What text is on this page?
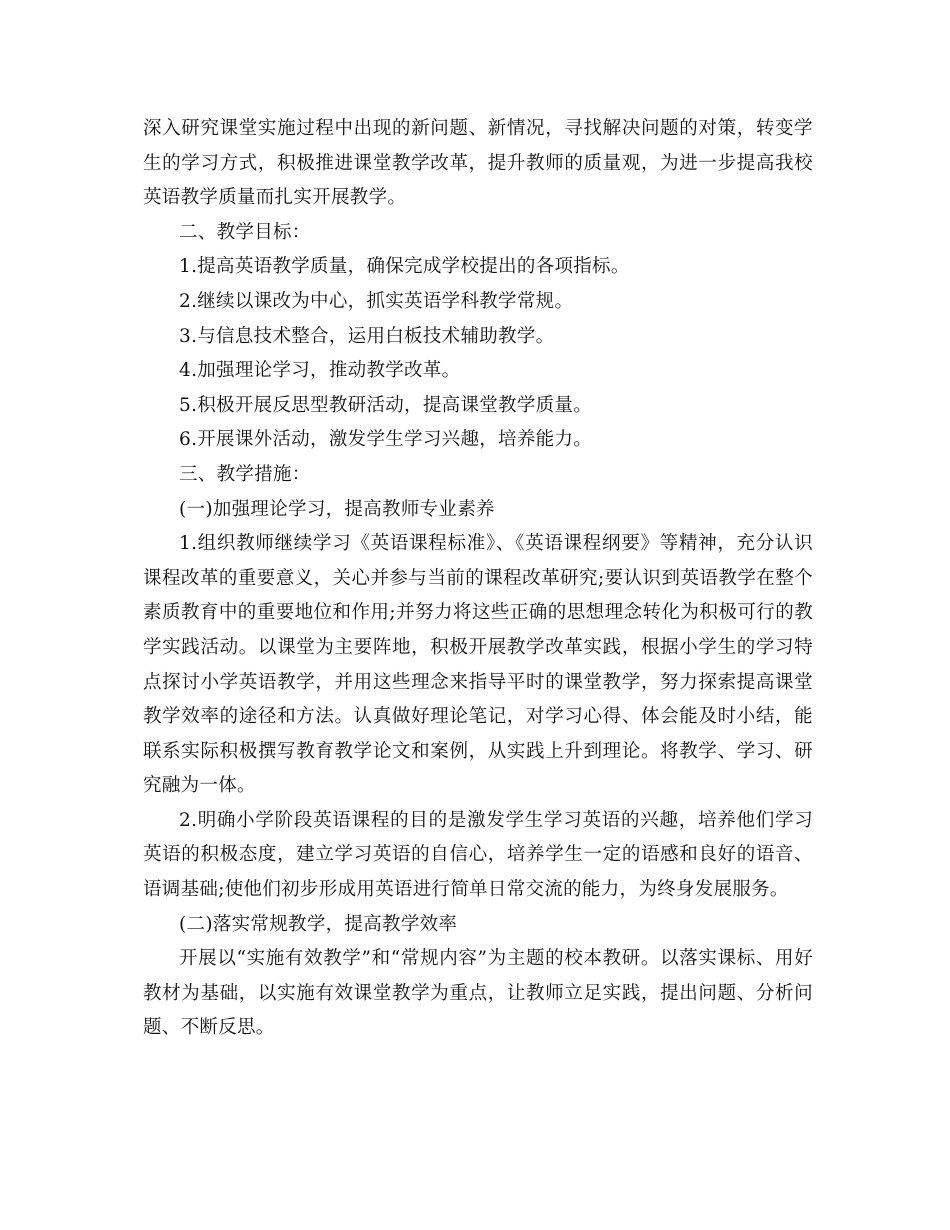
深入研究课堂实施过程中出现的新问题、新情况，寻找解决问题的对策，转变学生的学习方式，积极推进课堂教学改革，提升教师的质量观，为进一步提高我校英语教学质量而扎实开展教学。

二、教学目标：

1.提高英语教学质量，确保完成学校提出的各项指标。

2.继续以课改为中心，抓实英语学科教学常规。

3.与信息技术整合，运用白板技术辅助教学。

4.加强理论学习，推动教学改革。

5.积极开展反思型教研活动，提高课堂教学质量。

6.开展课外活动，激发学生学习兴趣，培养能力。

三、教学措施：

(一)加强理论学习，提高教师专业素养

1.组织教师继续学习《英语课程标准》、《英语课程纲要》等精神，充分认识课程改革的重要意义，关心并参与当前的课程改革研究;要认识到英语教学在整个素质教育中的重要地位和作用;并努力将这些正确的思想理念转化为积极可行的教学实践活动。以课堂为主要阵地，积极开展教学改革实践，根据小学生的学习特点探讨小学英语教学，并用这些理念来指导平时的课堂教学，努力探索提高课堂教学效率的途径和方法。认真做好理论笔记，对学习心得、体会能及时小结，能联系实际积极撰写教育教学论文和案例，从实践上升到理论。将教学、学习、研究融为一体。

2.明确小学阶段英语课程的目的是激发学生学习英语的兴趣，培养他们学习英语的积极态度，建立学习英语的自信心，培养学生一定的语感和良好的语音、语调基础;使他们初步形成用英语进行简单日常交流的能力，为终身发展服务。

(二)落实常规教学，提高教学效率

开展以“实施有效教学”和“常规内容”为主题的校本教研。以落实课标、用好教材为基础，以实施有效课堂教学为重点，让教师立足实践，提出问题、分析问题、不断反思。
